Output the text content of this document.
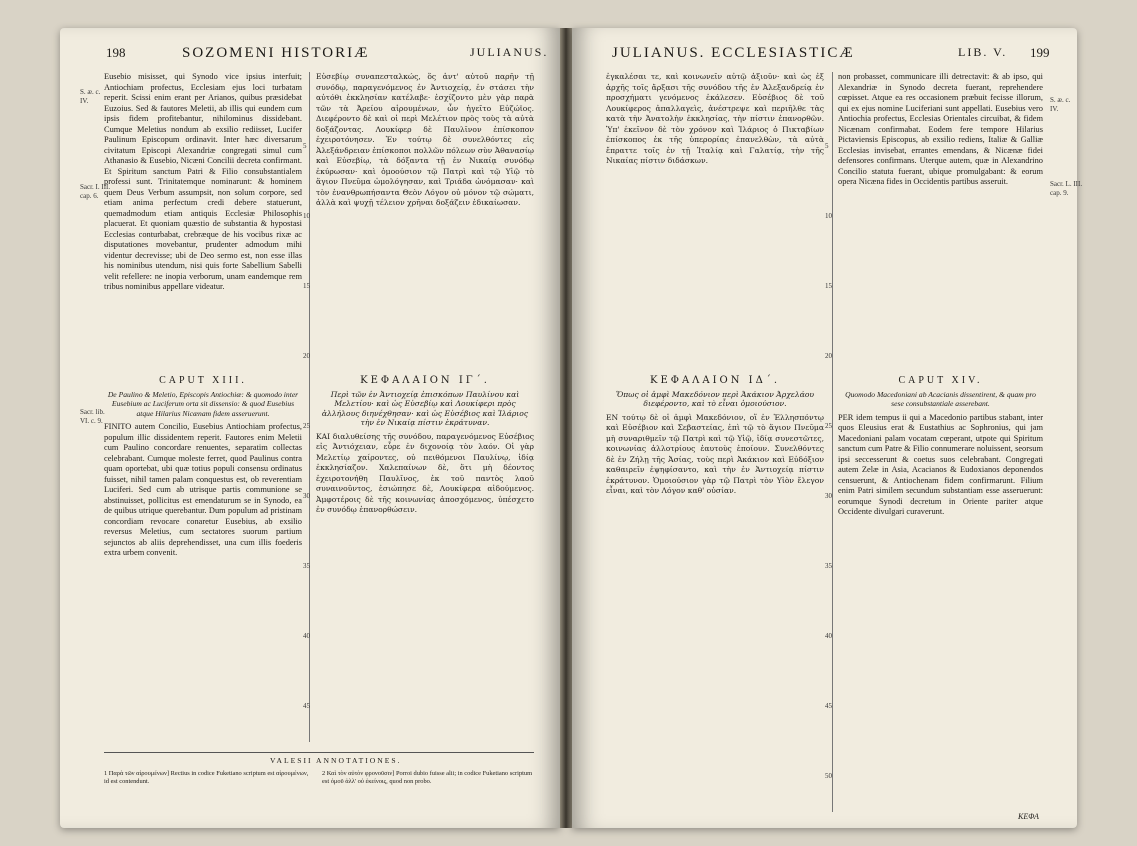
198	SOZOMENI HISTORIÆ	JULIANUS.
S. æ. c.
IV.
Sacr. I. III.
cap. 6.
Sacr. lib.
VI. c. 9.

Eusebio misisset, qui Synodo vice ipsius interfuit; Antiochiam profectus, Ecclesiam ejus loci turbatam reperit. Scissi enim erant per Arianos, quibus præsidebat Euzoius. Sed & fautores Meletii, ab illis qui eundem cum ipsis fidem profitebantur, nihilominus dissidebant. Cumque Meletius nondum ab exsilio rediisset, Lucifer Paulinum Episcopum ordinavit. Inter hæc diversarum civitatum Episcopi Alexandriæ congregati simul cum Athanasio & Eusebio, Nicæni Concilii decreta confirmant. Et Spiritum sanctum Patri & Filio consubstantialem professi sunt. Trinitatemque nominarunt: & hominem quem Deus Verbum assumpsit, non solum corpore, sed etiam anima perfectum credi debere statuerunt, quemadmodum etiam antiquis Ecclesiæ Philosophis placuerat. Et quoniam quæstio de substantia & hypostasi Ecclesias conturbabat, crebræque de his vocibus rixæ ac disputationes movebantur, prudenter admodum mihi videntur decrevisse; ubi de Deo sermo est, non esse illas his nominibus utendum, nisi quis forte Sabellium Sabelli velit refellere: ne inopia verborum, unam eandemque rem tribus nominibus appellare videatur.

CAPUT XIII.
De Paulino & Meletio, Episcopis Antiochiæ: & quomodo inter Eusebium ac Luciferum orta sit dissensio: & quod Eusebius atque Hilarius Nicænam fidem asseruerunt.

FINITO autem Concilio, Eusebius Antiochiam profectus, populum illic dissidentem reperit. Fautores enim Meletii cum Paulino concordare renuentes, separatim collectas celebrabant. Cumque moleste ferret, quod Paulinus contra quam oportebat, ubi quæ totius populi consensu ordinatus fuisset, nihil tamen palam conquestus est, ob reverentiam Luciferi. Sed cum ab utrisque partis communione se abstinuisset, pollicitus est emendaturum se in Synodo, ea de quibus utrique querebantur. Dum populum ad pristinam concordiam revocare conaretur Eusebius, ab exsilio reversus Meletius, cum sectatores suorum partium sejunctos ab aliis deprehendisset, una cum illis foederis extra urbem convenit.

Εὐσεβίῳ συναπεσταλκώς, ὅς ἀντ' αὐτοῦ παρῆν τῇ συνόδῳ, παραγενόμενος ἐν Ἀντιοχείᾳ, ἐν στάσει τὴν αὐτόθι ἐκκλησίαν κατέλαβε· ἐσχίζοντο μὲν γὰρ παρὰ τῶν τὰ Ἀρείου αἱρουμένων, ὧν ἡγεῖτο Εὐζώϊος. Διεφέροντο δὲ καὶ οἱ περὶ Μελέτιον πρὸς τοὺς τὰ αὐτὰ δοξάζοντας. Λουκίφερ δὲ Παυλῖνον ἐπίσκοπον ἐχειροτόνησεν. Ἐν τούτῳ δὲ συνελθόντες εἰς Ἀλεξάνδρειαν ἐπίσκοποι πολλῶν πόλεων σὺν Ἀθανασίῳ καὶ Εὐσεβίῳ, τὰ δόξαντα τῇ ἐν Νικαίᾳ συνόδῳ ἐκύρωσαν· καὶ ὁμοούσιον τῷ Πατρὶ καὶ τῷ Υἱῷ τὸ ἅγιον Πνεῦμα ὡμολόγησαν, καὶ Τριάδα ὠνόμασαν· καὶ τὸν ἐνανθρωπήσαντα Θεὸν Λόγον οὐ μόνον τῷ σώματι, ἀλλὰ καὶ ψυχῇ τέλειον χρῆναι δοξάζειν ἐδικαίωσαν.

ΚΕΦΑΛΑΙΟΝ ΙΓ΄.
Περὶ τῶν ἐν Ἀντιοχείᾳ ἐπισκόπων Παυλίνου καὶ Μελετίου· καὶ ὡς Εὐσεβίῳ καὶ Λουκίφερι πρὸς ἀλλήλους διηνέχθησαν· καὶ ὡς Εὐσέβιος καὶ Ἱλάριος τὴν ἐν Νικαίᾳ πίστιν ἐκράτυναν.

ΚΑΙ διαλυθείσης τῆς συνόδου, παραγενόμενος Εὐσέβιος εἰς Ἀντιόχειαν, εὗρε ἐν διχονοίᾳ τὸν λαόν. Οἱ γὰρ Μελετίῳ χαίροντες, οὐ πειθόμενοι Παυλίνῳ, ἰδίᾳ ἐκκλησίαζον. Χαλεπαίνων δὲ, ὅτι μὴ δέοντος ἐχειροτονήθη Παυλῖνος, ἐκ τοῦ παντὸς λαοῦ συναινοῦντος, ἐσιώπησε δὲ, Λουκίφερα αἰδούμενος. Ἀμφοτέροις δὲ τῆς κοινωνίας ἀποσχόμενος, ὑπέσχετο ἐν συνόδῳ ἐπανορθώσειν.

5
10
15
20
25
30
35
40
45
VALESII ANNOTATIONES.
1 Παρὰ τῶν αἱρουμένων] Rectius in codice Fuketiano scriptum est αἱρουμένων, id est contendunt.
2 Καὶ τὸν αὐτὸν φρονοῦσιν] Porroi dubio fuisse alii; in codice Fuketiano scriptum est ὁμοῦ ἀλλ' οὐ ἐκείνοις, quod non probo.
JULIANUS. ECCLESIASTICÆ	LIB. V. 199
S. æ. c.
IV.
Sacr. L. III.
cap. 9.

ἐγκαλέσαι τε, καὶ κοινωνεῖν αὐτῷ ἀξιοῦν· καὶ ὡς ἐξ ἀρχῆς τοῖς ἄρξασι τῆς συνόδου τῆς ἐν Ἀλεξανδρείᾳ ἐν προσχήματι γενόμενος ἐκάλεσεν. Εὐσέβιος δὲ τοῦ Λουκίφερος ἀπαλλαγεὶς, ἀνέστρεψε καὶ περιῆλθε τὰς κατὰ τὴν Ἀνατολὴν ἐκκλησίας, τὴν πίστιν ἐπανορθῶν. Ὑπ' ἐκεῖνον δὲ τὸν χρόνον καὶ Ἱλάριος ὁ Πικταβίων ἐπίσκοπος ἐκ τῆς ὑπερορίας ἐπανελθὼν, τὰ αὐτὰ ἔπραττε τοῖς ἐν τῇ Ἰταλίᾳ καὶ Γαλατίᾳ, τὴν τῆς Νικαίας πίστιν διδάσκων.

ΚΕΦΑΛΑΙΟΝ ΙΔ΄.
Ὅπως οἱ ἀμφὶ Μακεδόνιον περὶ Ἀκάκιον Ἀρχελάου διεφέροντο, καὶ τὸ εἶναι ὁμοιούσιον.

ΕΝ τούτῳ δὲ οἱ ἀμφὶ Μακεδόνιον, οἵ ἐν Ἐλλησπόντῳ καὶ Εὐσέβιον καὶ Σεβαστείας, ἐπὶ τῷ τὸ ἅγιον Πνεῦμα μὴ συναριθμεῖν τῷ Πατρὶ καὶ τῷ Υἱῷ, ἰδίᾳ συνεστῶτες, κοινωνίας ἀλλοτρίους ἑαυτοὺς ἐποίουν. Συνελθόντες δὲ ἐν Ζήλῃ τῆς Ἀσίας, τοὺς περὶ Ἀκάκιον καὶ Εὐδόξιον καθαιρεῖν ἐψηφίσαντο, καὶ τὴν ἐν Ἀντιοχείᾳ πίστιν ἐκράτυνον. Ὁμοιούσιον γὰρ τῷ Πατρὶ τὸν Υἱὸν ἔλεγον εἶναι, καὶ τὸν Λόγον καθ' οὐσίαν.

5
10
15
20
25
30
35
40
45
50

non probasset, communicare illi detrectavit: & ab ipso, qui Alexandriæ in Synodo decreta fuerant, reprehendere cœpisset. Atque ea res occasionem præbuit fecisse illorum, qui ex ejus nomine Luciferiani sunt appellati. Eusebius vero Antiochia profectus, Ecclesias Orientales circuibat, & fidem Nicænam confirmabat. Eodem fere tempore Hilarius Pictaviensis Episcopus, ab exsilio rediens, Italiæ & Galliæ Ecclesias invisebat, errantes emendans, & Nicænæ fidei defensores confirmans. Uterque autem, quæ in Alexandrino Concilio statuta fuerant, ubique promulgabant: & eorum opera Nicæna fides in Occidentis partibus asseruit.

CAPUT XIV.
Quomodo Macedoniani ab Acacianis dissentirent, & quam pro sese consubstantiale asserebant.

PER idem tempus ii qui a Macedonio partibus stabant, inter quos Eleusius erat & Eustathius ac Sophronius, qui jam Macedoniani palam vocatam cœperant, utpote qui Spiritum sanctum cum Patre & Filio connumerare noluissent, seorsum ipsi seccesserunt & coetus suos celebrabant. Congregati autem Zelæ in Asia, Acacianos & Eudoxianos deponendos censuerunt, & Antiochenam fidem confirmarunt. Filium enim Patri similem secundum substantiam esse asseruerunt: eorumque Synodi decretum in Oriente pariter atque Occidente divulgari curaverunt.

ΚΕΦΑ
